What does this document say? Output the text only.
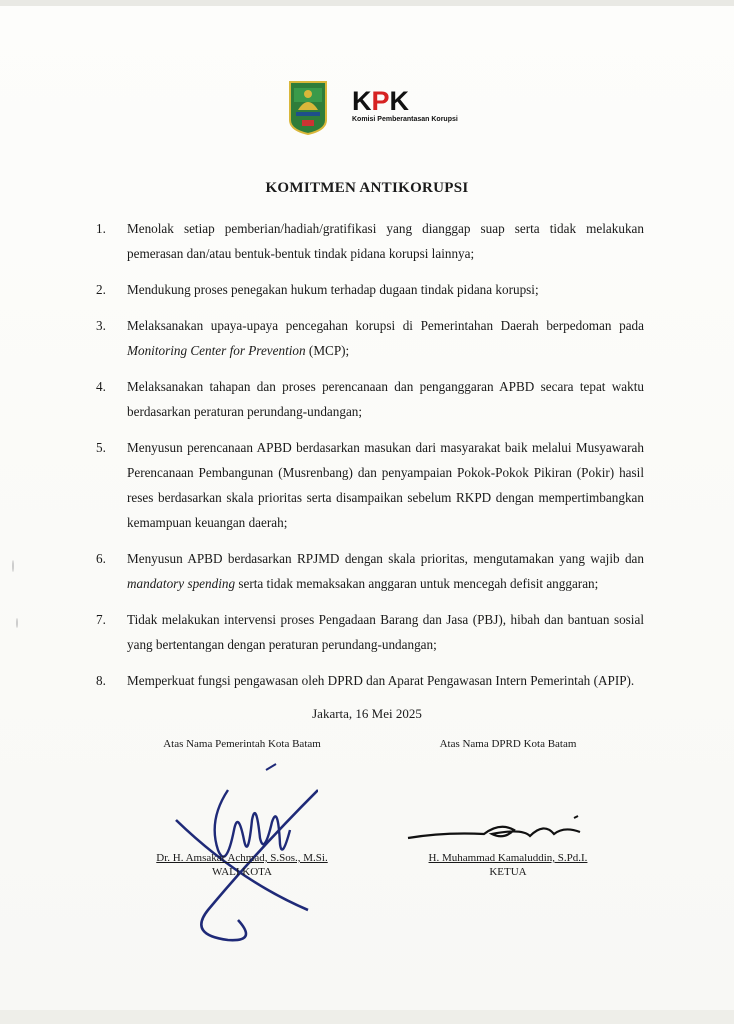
KPK
Komisi Pemberantasan Korupsi
KOMITMEN ANTIKORUPSI
1.	Menolak setiap pemberian/hadiah/gratifikasi yang dianggap suap serta tidak melakukan pemerasan dan/atau bentuk-bentuk tindak pidana korupsi lainnya;
2.	Mendukung proses penegakan hukum terhadap dugaan tindak pidana korupsi;
3.	Melaksanakan upaya-upaya pencegahan korupsi di Pemerintahan Daerah berpedoman pada Monitoring Center for Prevention (MCP);
4.	Melaksanakan tahapan dan proses perencanaan dan penganggaran APBD secara tepat waktu berdasarkan peraturan perundang-undangan;
5.	Menyusun perencanaan APBD berdasarkan masukan dari masyarakat baik melalui Musyawarah Perencanaan Pembangunan (Musrenbang) dan penyampaian Pokok-Pokok Pikiran (Pokir) hasil reses berdasarkan skala prioritas serta disampaikan sebelum RKPD dengan mempertimbangkan kemampuan keuangan daerah;
6.	Menyusun APBD berdasarkan RPJMD dengan skala prioritas, mengutamakan yang wajib dan mandatory spending serta tidak memaksakan anggaran untuk mencegah defisit anggaran;
7.	Tidak melakukan intervensi proses Pengadaan Barang dan Jasa (PBJ), hibah dan bantuan sosial yang bertentangan dengan peraturan perundang-undangan;
8.	Memperkuat fungsi pengawasan oleh DPRD dan Aparat Pengawasan Intern Pemerintah (APIP).
Jakarta, 16 Mei 2025
Atas Nama Pemerintah Kota Batam
Dr. H. Amsakar Achmad, S.Sos., M.Si.
WALI KOTA
Atas Nama DPRD Kota Batam
H. Muhammad Kamaluddin, S.Pd.I.
KETUA
